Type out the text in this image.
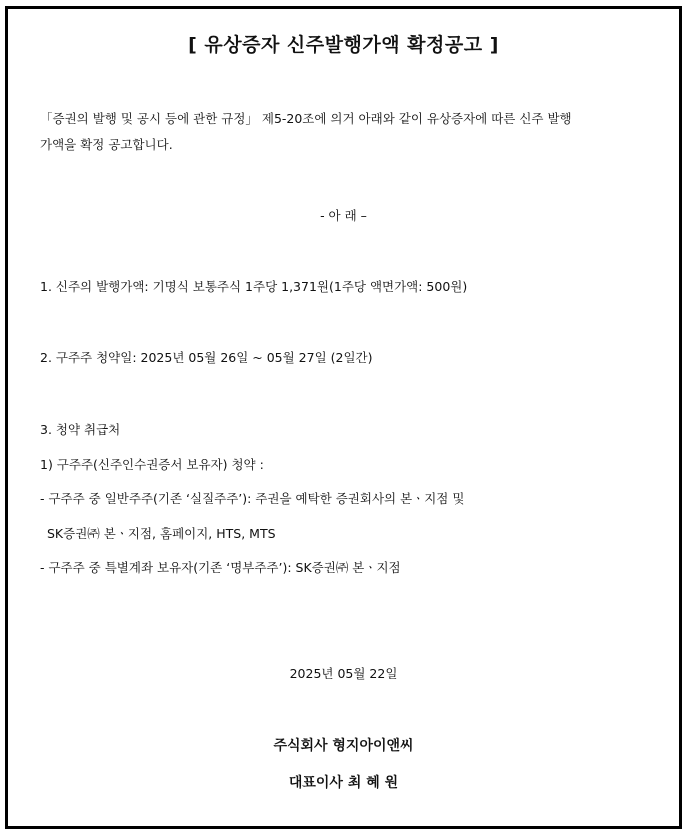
[ 유상증자 신주발행가액 확정공고 ]
「증권의 발행 및 공시 등에 관한 규정」 제5-20조에 의거 아래와 같이 유상증자에 따른 신주 발행
가액을 확정 공고합니다.
- 아 래 –
1. 신주의 발행가액: 기명식 보통주식 1주당 1,371원(1주당 액면가액: 500원)
2. 구주주 청약일: 2025년 05월 26일 ~ 05월 27일 (2일간)
3. 청약 취급처
1) 구주주(신주인수권증서 보유자) 청약 :
- 구주주 중 일반주주(기존 ‘실질주주’): 주권을 예탁한 증권회사의 본ㆍ지점 및
SK증권㈜ 본ㆍ지점, 홈페이지, HTS, MTS
- 구주주 중 특별계좌 보유자(기존 ‘명부주주’): SK증권㈜ 본ㆍ지점
2025년 05월 22일
주식회사 형지아이앤씨
대표이사 최 혜 원
